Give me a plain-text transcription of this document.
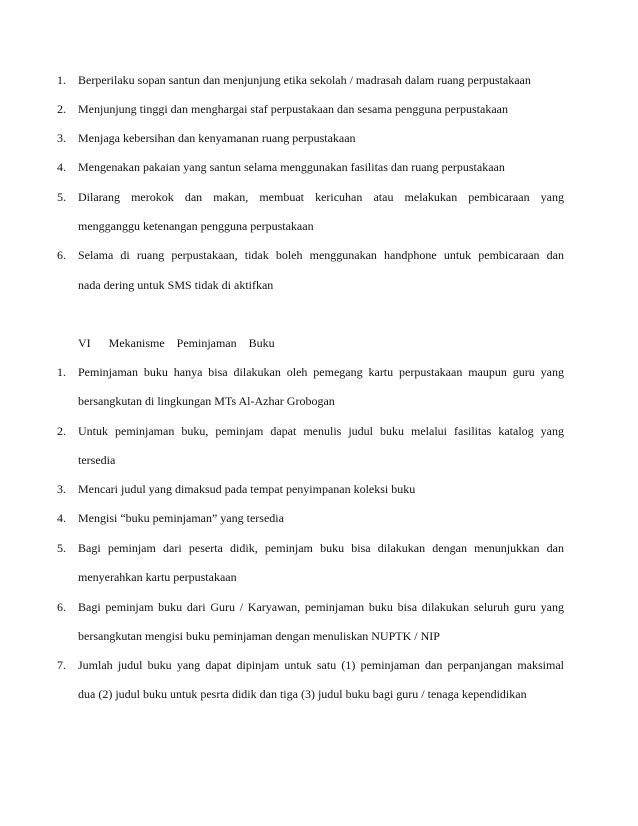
1. Berperilaku sopan santun dan menjunjung etika sekolah / madrasah dalam ruang perpustakaan
2. Menjunjung tinggi dan menghargai staf perpustakaan dan sesama pengguna perpustakaan
3. Menjaga kebersihan dan kenyamanan ruang perpustakaan
4. Mengenakan pakaian yang santun selama menggunakan fasilitas dan ruang perpustakaan
5. Dilarang merokok dan makan, membuat kericuhan atau melakukan pembicaraan yang
mengganggu ketenangan pengguna perpustakaan
6. Selama di ruang perpustakaan, tidak boleh menggunakan handphone untuk pembicaraan dan
nada dering untuk SMS tidak di aktifkan
VI   Mekanisme  Peminjaman  Buku
1. Peminjaman buku hanya bisa dilakukan oleh pemegang kartu perpustakaan maupun guru yang
bersangkutan di lingkungan MTs Al-Azhar Grobogan
2. Untuk peminjaman buku, peminjam dapat menulis judul buku melalui fasilitas katalog yang
tersedia
3. Mencari judul yang dimaksud pada tempat penyimpanan koleksi buku
4. Mengisi “buku peminjaman” yang tersedia
5. Bagi peminjam dari peserta didik, peminjam buku bisa dilakukan dengan menunjukkan dan
menyerahkan kartu perpustakaan
6. Bagi peminjam buku dari Guru / Karyawan, peminjaman buku bisa dilakukan seluruh guru yang
bersangkutan mengisi buku peminjaman dengan menuliskan NUPTK / NIP
7. Jumlah judul buku yang dapat dipinjam untuk satu (1) peminjaman dan perpanjangan maksimal
dua (2) judul buku untuk pesrta didik dan tiga (3) judul buku bagi guru / tenaga kependidikan
